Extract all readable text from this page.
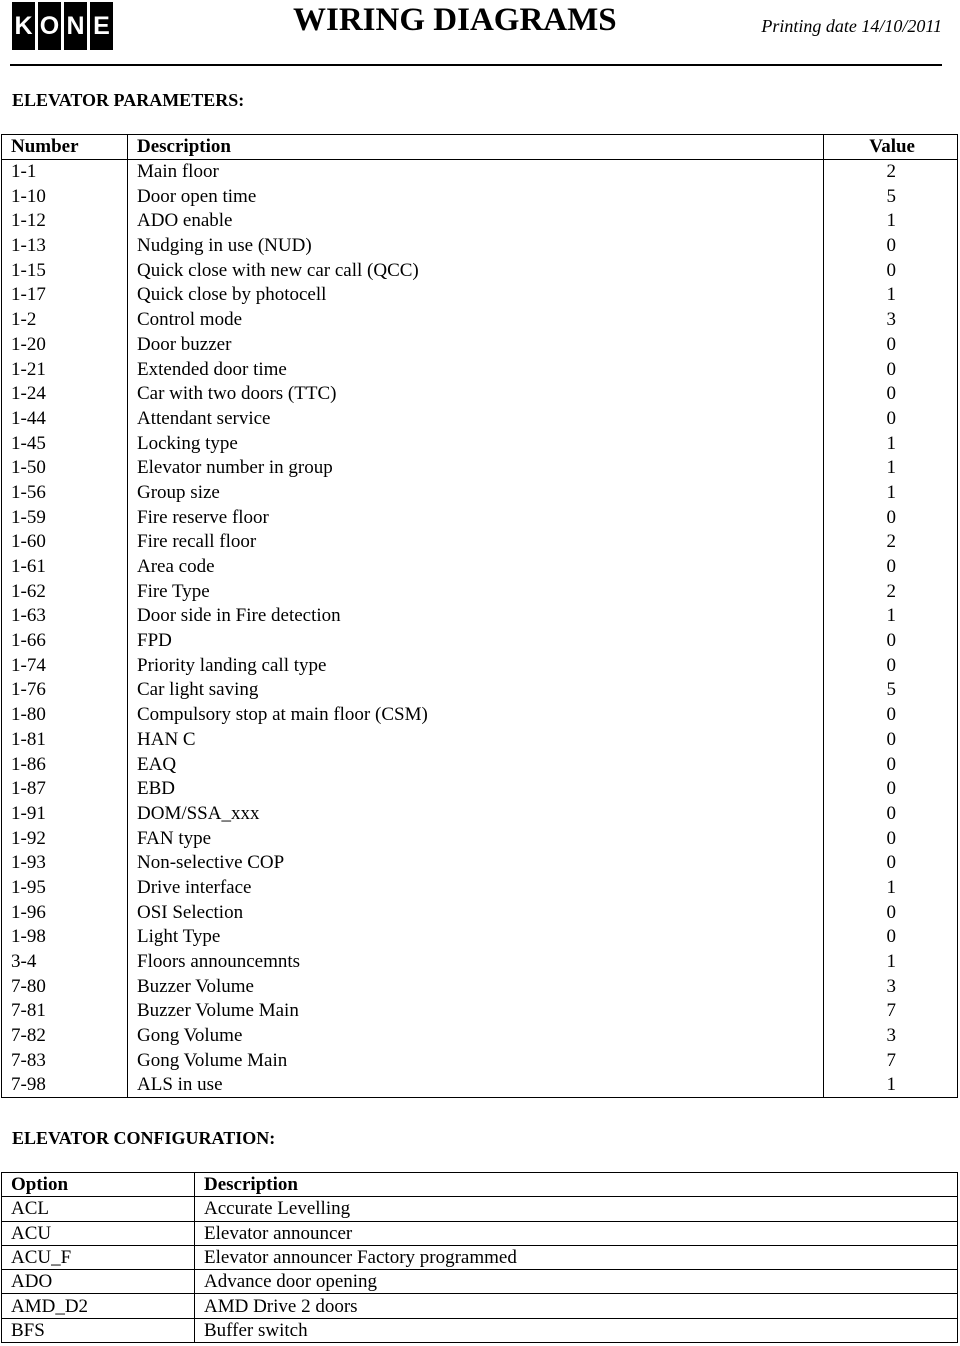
K O N E	WIRING DIAGRAMS	Printing date 14/10/2011
ELEVATOR PARAMETERS:
Number	Description	Value
1-1	Main floor	2
1-10	Door open time	5
1-12	ADO enable	1
1-13	Nudging in use (NUD)	0
1-15	Quick close with new car call (QCC)	0
1-17	Quick close by photocell	1
1-2	Control mode	3
1-20	Door buzzer	0
1-21	Extended door time	0
1-24	Car with two doors (TTC)	0
1-44	Attendant service	0
1-45	Locking type	1
1-50	Elevator number in group	1
1-56	Group size	1
1-59	Fire reserve floor	0
1-60	Fire recall floor	2
1-61	Area code	0
1-62	Fire Type	2
1-63	Door side in Fire detection	1
1-66	FPD	0
1-74	Priority landing call type	0
1-76	Car light saving	5
1-80	Compulsory stop at main floor (CSM)	0
1-81	HAN C	0
1-86	EAQ	0
1-87	EBD	0
1-91	DOM/SSA_xxx	0
1-92	FAN type	0
1-93	Non-selective COP	0
1-95	Drive interface	1
1-96	OSI Selection	0
1-98	Light Type	0
3-4	Floors announcemnts	1
7-80	Buzzer Volume	3
7-81	Buzzer Volume Main	7
7-82	Gong Volume	3
7-83	Gong Volume Main	7
7-98	ALS in use	1
ELEVATOR CONFIGURATION:
Option	Description
ACL	Accurate Levelling
ACU	Elevator announcer
ACU_F	Elevator announcer Factory programmed
ADO	Advance door opening
AMD_D2	AMD Drive 2 doors
BFS	Buffer switch
